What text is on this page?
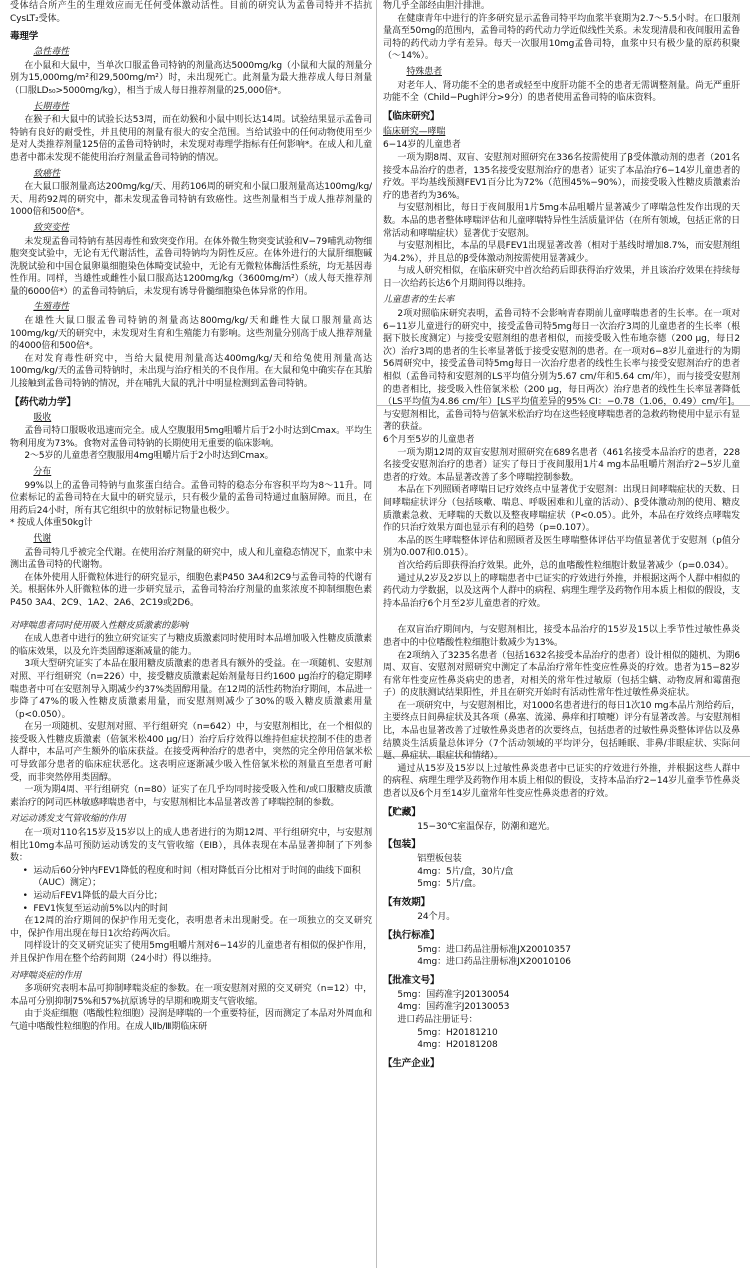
受体结合所产生的生理效应而无任何受体激动活性。目前的研究认为孟鲁司特并不拮抗CysLT₂受体。

毒理学
急性毒性

在小鼠和大鼠中，当单次口服孟鲁司特钠的剂量高达5000mg/kg（小鼠和大鼠的剂量分别为15,000mg/m²和29,500mg/m²）时，未出现死亡。此剂量为最大推荐成人每日剂量（口服LD₅₀>5000mg/kg），相当于成人每日推荐剂量的25,000倍*。

长期毒性

在猴子和大鼠中的试验长达53周，而在幼猴和小鼠中则长达14周。试验结果显示孟鲁司特钠有良好的耐受性，并且使用的剂量有很大的安全范围。当给试验中的任何动物使用至少是对人类推荐剂量125倍的孟鲁司特钠时，未发现对毒理学指标有任何影响*。在成人和儿童患者中都未发现不能使用治疗剂量孟鲁司特钠的情况。

致癌性

在大鼠口服剂量高达200mg/kg/天、用药106周的研究和小鼠口服剂量高达100mg/kg/天、用药92周的研究中，都未发现孟鲁司特钠有致癌性。这些剂量相当于成人推荐剂量的1000倍和500倍*。

致突变性

未发现孟鲁司特钠有基因毒性和致突变作用。在体外微生物突变试验和V−79哺乳动物细胞突变试验中，无论有无代谢活性，孟鲁司特钠均为阴性反应。在体外进行的大鼠肝细胞碱洗脱试验和中国仓鼠卵巢细胞染色体畸变试验中，无论有无微粒体酶活性系统，均无基因毒性作用。同样，当雄性或雌性小鼠口服高达1200mg/kg（3600mg/m²）（成人每天推荐剂量的6000倍*）的孟鲁司特钠后，未发现有诱导骨髓细胞染色体异常的作用。

生殖毒性

在雄性大鼠口服孟鲁司特钠的剂量高达800mg/kg/天和雌性大鼠口服剂量高达100mg/kg/天的研究中，未发现对生育和生殖能力有影响。这些剂量分别高于成人推荐剂量的4000倍和500倍*。

在对发育毒性研究中，当给大鼠使用剂量高达400mg/kg/天和给兔使用剂量高达100mg/kg/天的孟鲁司特钠时，未出现与治疗相关的不良作用。在大鼠和兔中确实存在其胎儿接触到孟鲁司特钠的情况，并在哺乳大鼠的乳汁中明显检测到孟鲁司特钠。

【药代动力学】
吸收

孟鲁司特口服吸收迅速而完全。成人空腹服用5mg咀嚼片后于2小时达到Cmax。平均生物利用度为73%。食物对孟鲁司特钠的长期使用无重要的临床影响。

2～5岁的儿童患者空腹服用4mg咀嚼片后于2小时达到Cmax。

分布

99%以上的孟鲁司特钠与血浆蛋白结合。孟鲁司特的稳态分布容积平均为8～11升。同位素标记的孟鲁司特在大鼠中的研究显示，只有极少量的孟鲁司特通过血脑屏障。而且，在用药后24小时，所有其它组织中的放射标记物量也极少。

* 按成人体重50kg计

代谢

孟鲁司特几乎被完全代谢。在使用治疗剂量的研究中，成人和儿童稳态情况下，血浆中未测出孟鲁司特的代谢物。

在体外使用人肝微粒体进行的研究显示，细胞色素P450 3A4和2C9与孟鲁司特的代谢有关。根据体外人肝微粒体的进一步研究显示，孟鲁司特治疗剂量的血浆浓度不抑制细胞色素P450 3A4、2C9、1A2、2A6、2C19或2D6。

对哮喘患者同时使用吸入性糖皮质激素的影响

在成人患者中进行的独立研究证实了与糖皮质激素同时使用时本品增加吸入性糖皮质激素的临床效果，以及允许类固醇逐渐减量的能力。

3项大型研究证实了本品在服用糖皮质激素的患者具有额外的受益。在一项随机、安慰剂对照、平行组研究（n=226）中，接受糖皮质激素起始剂量每日约1600 μg治疗的稳定期哮喘患者中可在安慰剂导入期减少约37%类固醇用量。在12周的活性药物治疗期间，本品进一步降了47%的吸入性糖皮质激素用量，而安慰剂则减少了30%的吸入糖皮质激素用量（p<0.050）。

在另一项随机、安慰剂对照、平行组研究（n=642）中，与安慰剂相比，在一个相似的接受吸入性糖皮质激素（倍氯米松400 μg/日）治疗后疗效得以维持但症状控制不佳的患者人群中，本品可产生额外的临床获益。在接受两种治疗的患者中，突然的完全停用倍氯米松可导致部分患者的临床症状恶化。这表明应逐渐减少吸入性倍氯米松的剂量直至患者可耐受，而非突然停用类固醇。

一项为期4周、平行组研究（n=80）证实了在几乎均同时接受吸入性和/或口服糖皮质激素治疗的阿司匹林敏感哮喘患者中，与安慰剂相比本品显著改善了哮喘控制的参数。

对运动诱发支气管收缩的作用

在一项对110名15岁及15岁以上的成人患者进行的为期12周、平行组研究中，与安慰剂相比10mg本品可预防运动诱发的支气管收缩（EIB），具体表现在本品显著抑制了下列参数：

• 运动后60分钟内FEV1降低的程度和时间（相对降低百分比相对于时间的曲线下面积（AUC）测定）；
• 运动后FEV1降低的最大百分比；
• FEV1恢复至运动前5%以内的时间

在12周的治疗期间的保护作用无变化，表明患者未出现耐受。在一项独立的交叉研究中，保护作用出现在每日1次给药两次后。

同样设计的交叉研究证实了使用5mg咀嚼片剂对6−14岁的儿童患者有相似的保护作用，并且保护作用在整个给药间期（24小时）得以维持。

对哮喘炎症的作用

多项研究表明本品可抑制哮喘炎症的参数。在一项安慰剂对照的交叉研究（n=12）中，本品可分别抑制75%和57%抗原诱导的早期和晚期支气管收缩。

由于炎症细胞（嗜酸性粒细胞）浸润是哮喘的一个重要特征，因而测定了本品对外周血和气道中嗜酸性粒细胞的作用。在成人Ⅱb/Ⅲ期临床研

物几乎全部经由胆汁排泄。

在健康青年中进行的许多研究显示孟鲁司特平均血浆半衰期为2.7～5.5小时。在口服剂量高至50mg的范围内，孟鲁司特的药代动力学近似线性关系。未发现清晨和夜间服用孟鲁司特的药代动力学有差异。每天一次服用10mg孟鲁司特，血浆中只有极少量的原药积聚（～14%）。

特殊患者

对老年人、肾功能不全的患者或轻至中度肝功能不全的患者无需调整剂量。尚无严重肝功能不全（Child−Pugh评分>9分）的患者使用孟鲁司特的临床资料。

【临床研究】
临床研究—哮喘

6−14岁的儿童患者

一项为期8周、双盲、安慰剂对照研究在336名按需使用了β受体激动剂的患者（201名接受本品治疗的患者，135名接受安慰剂治疗的患者）证实了本品治疗6−14岁儿童患者的疗效。平均基线预测FEV1百分比为72%（范围45%−90%），而接受吸入性糖皮质激素治疗的患者约为36%。

与安慰剂相比，每日于夜间服用1片5mg本品咀嚼片显著减少了哮喘急性发作出现的天数。本品的患者整体哮喘评估和儿童哮喘特异性生活质量评估（在所有领域，包括正常的日常活动和哮喘症状）显著优于安慰剂。

与安慰剂相比，本品的早晨FEV1出现显著改善（相对于基线时增加8.7%，而安慰剂组为4.2%），并且总的β受体激动剂按需使用显著减少。

与成人研究相似，在临床研究中首次给药后即获得治疗效果，并且该治疗效果在持续每日一次给药长达6个月期间得以维持。

儿童患者的生长率

2项对照临床研究表明，孟鲁司特不会影响青春期前儿童哮喘患者的生长率。在一项对6−11岁儿童进行的研究中，接受孟鲁司特5mg每日一次治疗3周的儿童患者的生长率（根据下肢长度测定）与接受安慰剂组的患者相似，而接受吸入性布地奈德（200 μg，每日2次）治疗3周的患者的生长率显著低于接受安慰剂的患者。在一项对6−8岁儿童进行的为期56周研究中，接受孟鲁司特5mg每日一次治疗患者的线性生长率与接受安慰剂治疗的患者相似（孟鲁司特和安慰剂的LS平均值分别为5.67 cm/年和5.64 cm/年），而与接受安慰剂的患者相比，接受吸入性倍氯米松（200 μg，每日两次）治疗患者的线性生长率显著降低（LS平均值为4.86 cm/年）[LS平均值差异的95% CI：−0.78（1.06，0.49）cm/年]。与安慰剂相比，孟鲁司特与倍氯米松治疗均在这些轻度哮喘患者的急救药物使用中显示有显著的获益。

6个月至5岁的儿童患者

一项为期12周的双盲安慰剂对照研究在689名患者（461名接受本品治疗的患者，228名接受安慰剂治疗的患者）证实了每日于夜间服用1片4 mg本品咀嚼片剂治疗2−5岁儿童患者的疗效。本品显著改善了多个哮喘控制参数。

本品在下列照顾者哮喘日记疗效终点中显著优于安慰剂：出现日间哮喘症状的天数、日间哮喘症状评分（包括咳嗽、喘息、呼吸困难和儿童的活动）、β受体激动剂的使用、糖皮质激素急救、无哮喘的天数以及整夜哮喘症状（P<0.05）。此外，本品在疗效终点哮喘发作的只治疗效果方面也显示有利的趋势（p=0.107）。

本品的医生哮喘整体评估和照顾者及医生哮喘整体评估平均值显著优于安慰剂（p值分别为0.007和0.015）。

首次给药后即获得治疗效果。此外，总的血嗜酸性粒细胞计数显著减少（p=0.034）。

通过从2岁及2岁以上的哮喘患者中已证实的疗效进行外推，并根据这两个人群中相似的药代动力学数据，以及这两个人群中的病程、病理生理学及药物作用本质上相似的假设，支持本品治疗6个月至2岁儿童患者的疗效。

在双盲治疗期间内，与安慰剂相比，接受本品治疗的15岁及15以上季节性过敏性鼻炎患者中的中位嗜酸性粒细胞计数减少为13%。

在2项纳入了3235名患者（包括1632名接受本品治疗的患者）设计相似的随机、为期6周、双盲、安慰剂对照研究中测定了本品治疗常年性变应性鼻炎的疗效。患者为15−82岁有常年性变应性鼻炎病史的患者，对相关的常年性过敏原（包括尘螨、动物皮屑和霉菌孢子）的皮肤测试结果阳性，并且在研究开始时有活动性常年性过敏性鼻炎症状。

在一项研究中，与安慰剂相比，对1000名患者进行的每日1次10 mg本品片剂给药后，主要终点日间鼻症状及其各项（鼻塞、流涕、鼻痒和打喷嚏）评分有显著改善。与安慰剂相比，本品也显著改善了过敏性鼻炎患者的次要终点，包括患者的过敏性鼻炎整体评估以及鼻结膜炎生活质量总体评分（7个活动领域的平均评分，包括睡眠、非鼻/非眼症状、实际问题、鼻症状、眼症状和情绪）。

通过从15岁及15岁以上过敏性鼻炎患者中已证实的疗效进行外推，并根据这些人群中的病程、病理生理学及药物作用本质上相似的假设，支持本品治疗2−14岁儿童季节性鼻炎患者以及6个月至14岁儿童常年性变应性鼻炎患者的疗效。

【贮藏】

15−30℃室温保存，防潮和遮光。

【包装】

铝塑板包装

4mg：5片/盒，30片/盒

5mg：5片/盒。

【有效期】

24个月。

【执行标准】

5mg：进口药品注册标准JX20010357

4mg：进口药品注册标准JX20010106

【批准文号】

5mg：国药准字J20130054

4mg：国药准字J20130053

进口药品注册证号：

5mg：H20181210

4mg：H20181208

【生产企业】
